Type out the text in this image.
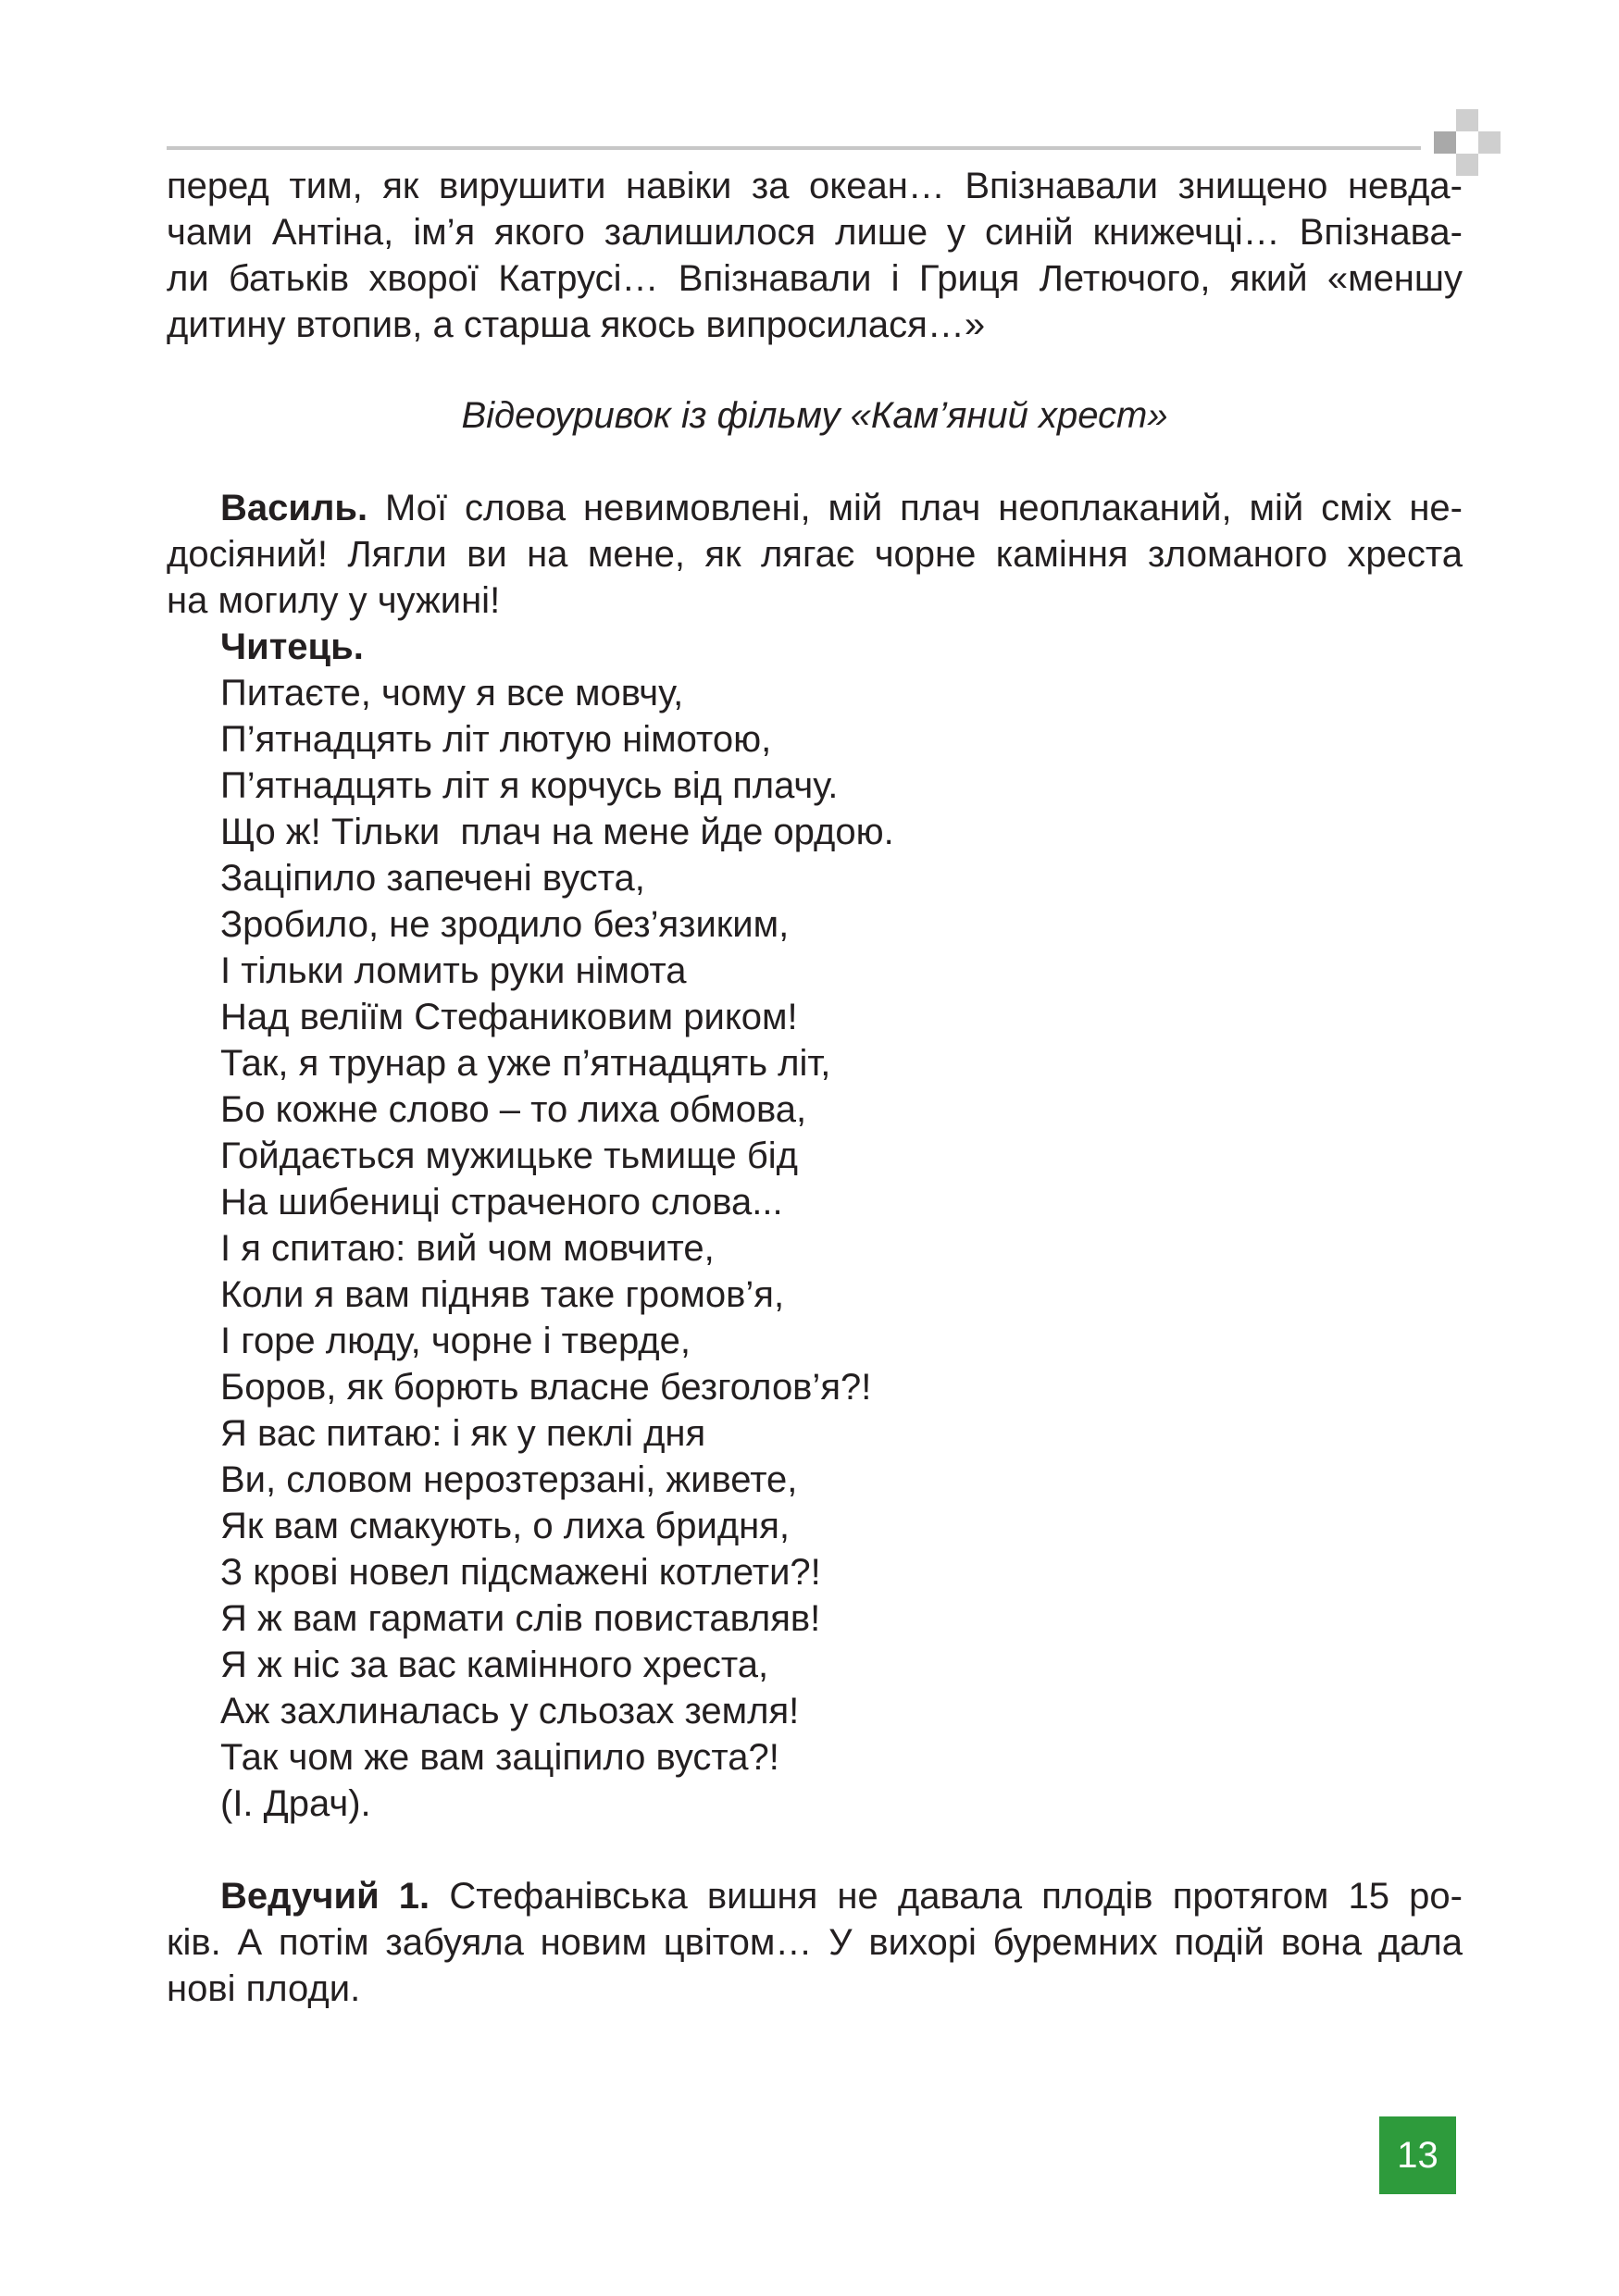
перед тим, як вирушити навіки за океан… Впізнавали знищено невда-
чами Антіна, ім’я якого залишилося лише у синій книжечці… Впізнава-
ли батьків хворої Катрусі… Впізнавали і Гриця Летючого, який «меншу
дитину втопив, а старша якось випросилася…»

Відеоуривок із фільму «Кам’яний хрест»

Василь. Мої слова невимовлені, мій плач неоплаканий, мій сміх не-
досіяний! Лягли ви на мене, як лягає чорне каміння зломаного хреста
на могилу у чужині!
Читець.
Питаєте, чому я все мовчу,
П’ятнадцять літ лютую німотою,
П’ятнадцять літ я корчусь від плачу.
Що ж! Тільки  плач на мене йде ордою.
Заціпило запечені вуста,
Зробило, не зродило без’язиким,
І тільки ломить руки німота
Над веліїм Стефаниковим риком!
Так, я трунар а уже п’ятнадцять літ,
Бо кожне слово – то лиха обмова,
Гойдається мужицьке тьмище бід
На шибениці страченого слова...
І я спитаю: вий чом мовчите,
Коли я вам підняв таке громов’я,
І горе люду, чорне і тверде,
Боров, як борють власне безголов’я?!
Я вас питаю: і як у пеклі дня
Ви, словом нерозтерзані, живете,
Як вам смакують, о лиха бридня,
З крові новел підсмажені котлети?!
Я ж вам гармати слів повиставляв!
Я ж ніс за вас камінного хреста,
Аж захлиналась у сльозах земля!
Так чом же вам заціпило вуста?!
(І. Драч).
Ведучий 1. Стефанівська вишня не давала плодів протягом 15 ро-
ків. А потім забуяла новим цвітом… У вихорі буремних подій вона дала
нові плоди.
13
